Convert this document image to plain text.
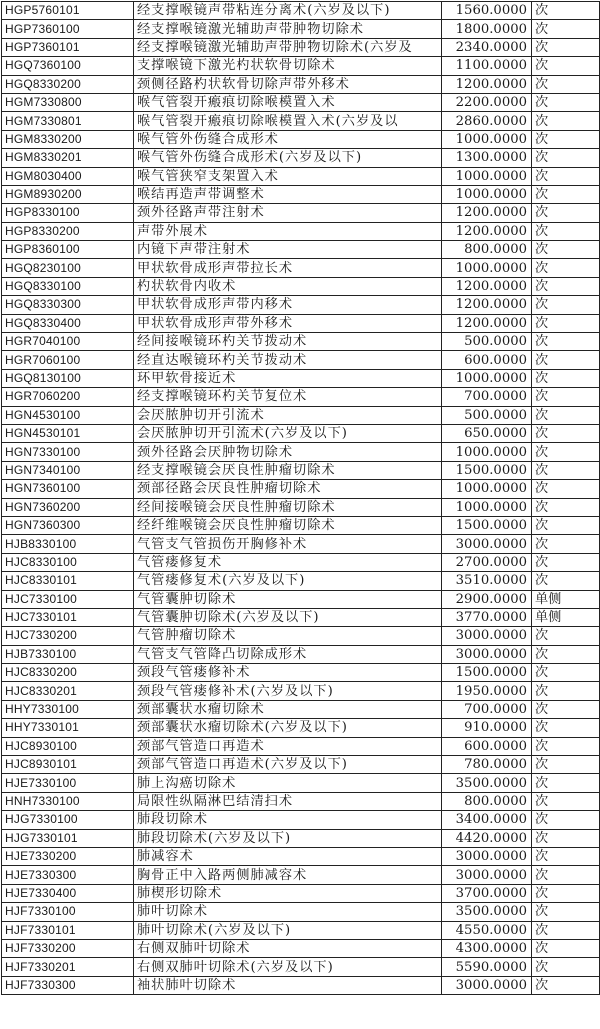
HGP5760101	经支撑喉镜声带粘连分离术(六岁及以下)	1560.0000	次
HGP7360100	经支撑喉镜激光辅助声带肿物切除术	1800.0000	次
HGP7360101	经支撑喉镜激光辅助声带肿物切除术(六岁及	2340.0000	次
HGQ7360100	支撑喉镜下激光杓状软骨切除术	1100.0000	次
HGQ8330200	颈侧径路杓状软骨切除声带外移术	1200.0000	次
HGM7330800	喉气管裂开瘢痕切除喉模置入术	2200.0000	次
HGM7330801	喉气管裂开瘢痕切除喉模置入术(六岁及以	2860.0000	次
HGM8330200	喉气管外伤缝合成形术	1000.0000	次
HGM8330201	喉气管外伤缝合成形术(六岁及以下)	1300.0000	次
HGM8030400	喉气管狭窄支架置入术	1000.0000	次
HGM8930200	喉结再造声带调整术	1000.0000	次
HGP8330100	颈外径路声带注射术	1200.0000	次
HGP8330200	声带外展术	1200.0000	次
HGP8360100	内镜下声带注射术	800.0000	次
HGQ8230100	甲状软骨成形声带拉长术	1000.0000	次
HGQ8330100	杓状软骨内收术	1200.0000	次
HGQ8330300	甲状软骨成形声带内移术	1200.0000	次
HGQ8330400	甲状软骨成形声带外移术	1200.0000	次
HGR7040100	经间接喉镜环杓关节拨动术	500.0000	次
HGR7060100	经直达喉镜环杓关节拨动术	600.0000	次
HGQ8130100	环甲软骨接近术	1000.0000	次
HGR7060200	经支撑喉镜环杓关节复位术	700.0000	次
HGN4530100	会厌脓肿切开引流术	500.0000	次
HGN4530101	会厌脓肿切开引流术(六岁及以下)	650.0000	次
HGN7330100	颈外径路会厌肿物切除术	1000.0000	次
HGN7340100	经支撑喉镜会厌良性肿瘤切除术	1500.0000	次
HGN7360100	颈部径路会厌良性肿瘤切除术	1000.0000	次
HGN7360200	经间接喉镜会厌良性肿瘤切除术	1000.0000	次
HGN7360300	经纤维喉镜会厌良性肿瘤切除术	1500.0000	次
HJB8330100	气管支气管损伤开胸修补术	3000.0000	次
HJC8330100	气管瘘修复术	2700.0000	次
HJC8330101	气管瘘修复术(六岁及以下)	3510.0000	次
HJC7330100	气管囊肿切除术	2900.0000	单侧
HJC7330101	气管囊肿切除术(六岁及以下)	3770.0000	单侧
HJC7330200	气管肿瘤切除术	3000.0000	次
HJB7330100	气管支气管降凸切除成形术	3000.0000	次
HJC8330200	颈段气管瘘修补术	1500.0000	次
HJC8330201	颈段气管瘘修补术(六岁及以下)	1950.0000	次
HHY7330100	颈部囊状水瘤切除术	700.0000	次
HHY7330101	颈部囊状水瘤切除术(六岁及以下)	910.0000	次
HJC8930100	颈部气管造口再造术	600.0000	次
HJC8930101	颈部气管造口再造术(六岁及以下)	780.0000	次
HJE7330100	肺上沟癌切除术	3500.0000	次
HNH7330100	局限性纵隔淋巴结清扫术	800.0000	次
HJG7330100	肺段切除术	3400.0000	次
HJG7330101	肺段切除术(六岁及以下)	4420.0000	次
HJE7330200	肺减容术	3000.0000	次
HJE7330300	胸骨正中入路两侧肺减容术	3000.0000	次
HJE7330400	肺楔形切除术	3700.0000	次
HJF7330100	肺叶切除术	3500.0000	次
HJF7330101	肺叶切除术(六岁及以下)	4550.0000	次
HJF7330200	右侧双肺叶切除术	4300.0000	次
HJF7330201	右侧双肺叶切除术(六岁及以下)	5590.0000	次
HJF7330300	袖状肺叶切除术	3000.0000	次
